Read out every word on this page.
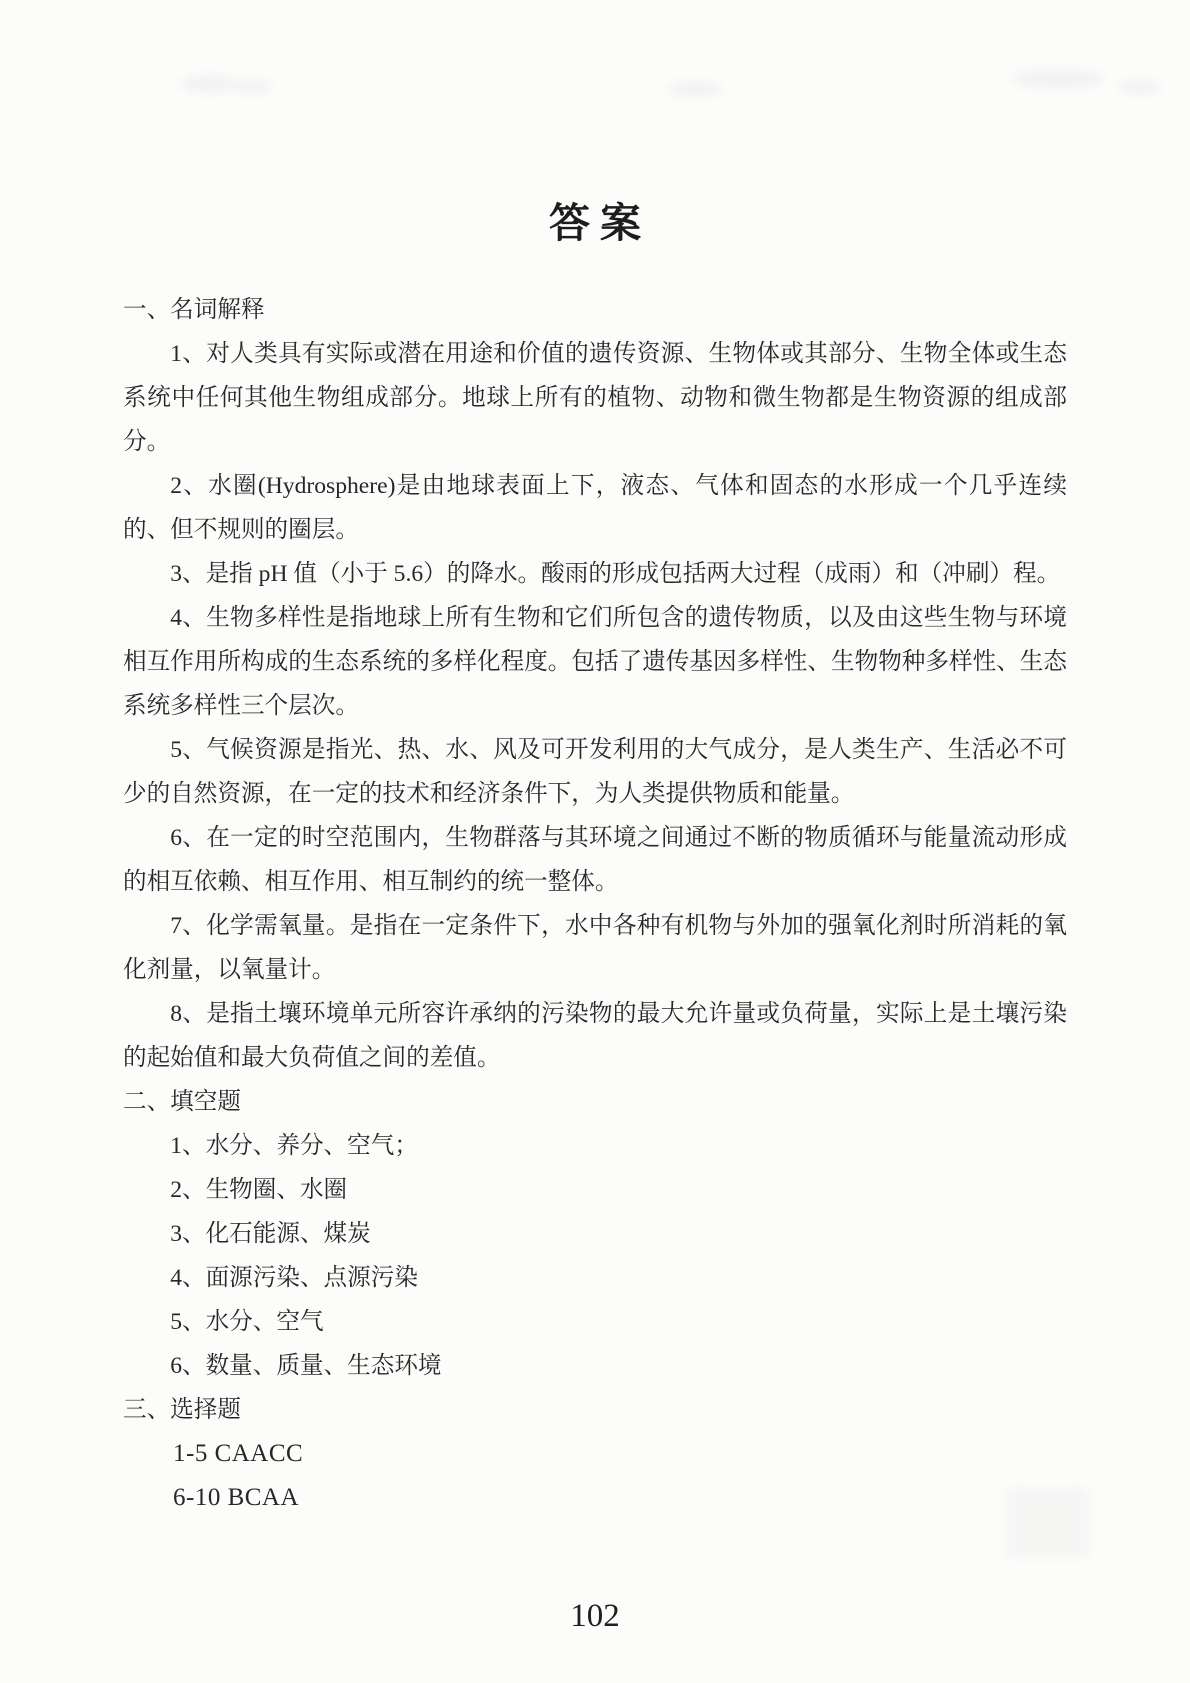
答案

一、名词解释

1、对人类具有实际或潜在用途和价值的遗传资源、生物体或其部分、生物全体或生态系统中任何其他生物组成部分。地球上所有的植物、动物和微生物都是生物资源的组成部分。

2、水圈(Hydrosphere)是由地球表面上下，液态、气体和固态的水形成一个几乎连续的、但不规则的圈层。

3、是指 pH 值（小于 5.6）的降水。酸雨的形成包括两大过程（成雨）和（冲刷）程。

4、生物多样性是指地球上所有生物和它们所包含的遗传物质，以及由这些生物与环境相互作用所构成的生态系统的多样化程度。包括了遗传基因多样性、生物物种多样性、生态系统多样性三个层次。

5、气候资源是指光、热、水、风及可开发利用的大气成分，是人类生产、生活必不可少的自然资源，在一定的技术和经济条件下，为人类提供物质和能量。

6、在一定的时空范围内，生物群落与其环境之间通过不断的物质循环与能量流动形成的相互依赖、相互作用、相互制约的统一整体。

7、化学需氧量。是指在一定条件下，水中各种有机物与外加的强氧化剂时所消耗的氧化剂量，以氧量计。

8、是指土壤环境单元所容许承纳的污染物的最大允许量或负荷量，实际上是土壤污染的起始值和最大负荷值之间的差值。

二、填空题

1、水分、养分、空气；

2、生物圈、水圈

3、化石能源、煤炭

4、面源污染、点源污染

5、水分、空气

6、数量、质量、生态环境

三、选择题

1-5 CAACC

6-10 BCAA

102
